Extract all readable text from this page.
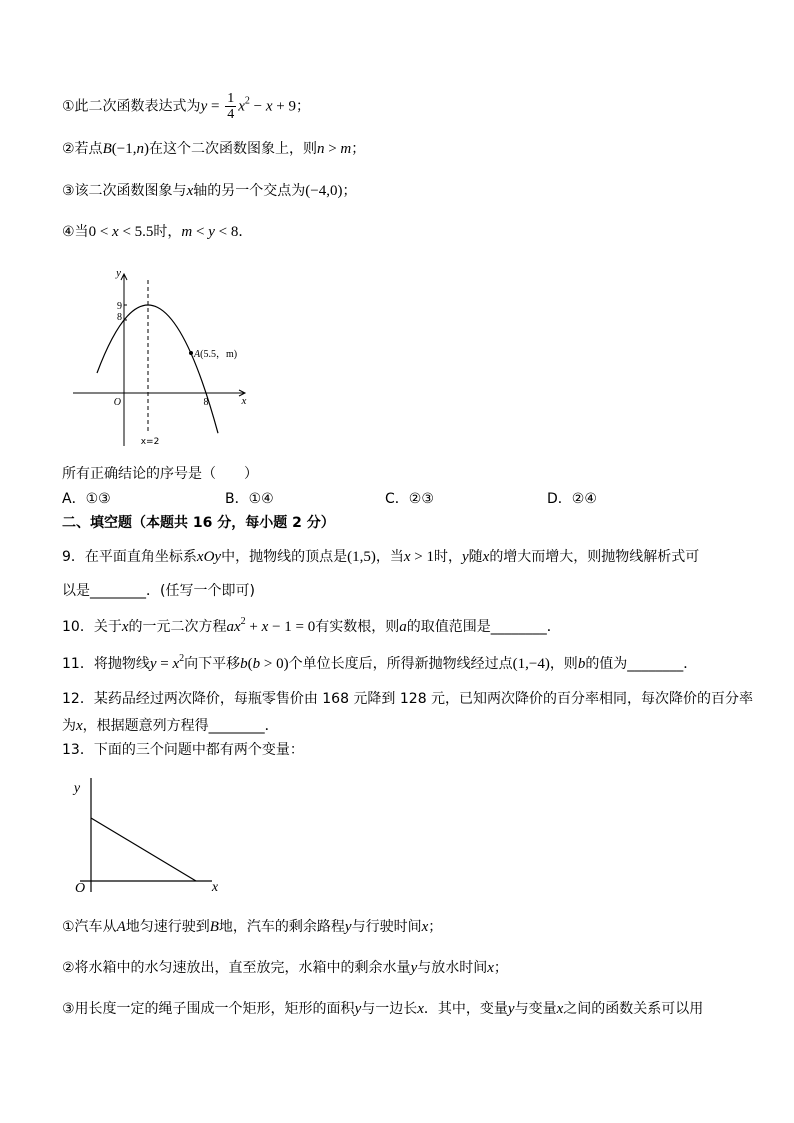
①此二次函数表达式为$y = \frac{1}{4} x^2 - x + 9$；
②若点B(−1,n)在这个二次函数图象上，则n > m；
③该二次函数图象与x轴的另一个交点为(−4,0)；
④当0 < x < 5.5时，m < y < 8．
y
9
8
O	8	x
A(5.5，m)
x=2
所有正确结论的序号是（　　）
A．①③	B．①④	C．②③	D．②④
二、填空题（本题共 16 分，每小题 2 分）
9．在平面直角坐标系xOy中，抛物线的顶点是(1,5)，当x > 1时，y随x的增大而增大，则抛物线解析式可
以是________．(任写一个即可)
10．关于x的一元二次方程$ax^2 + x - 1 = 0$有实数根，则a的取值范围是________．
11．将抛物线$y = x^2$向下平移b(b > 0)个单位长度后，所得新抛物线经过点(1,−4)，则b的值为________．
12．某药品经过两次降价，每瓶零售价由 168 元降到 128 元，已知两次降价的百分率相同，每次降价的百分率
为x，根据题意列方程得________．
13．下面的三个问题中都有两个变量：
y
O	x
①汽车从A地匀速行驶到B地，汽车的剩余路程y与行驶时间x；
②将水箱中的水匀速放出，直至放完，水箱中的剩余水量y与放水时间x；
③用长度一定的绳子围成一个矩形，矩形的面积y与一边长x．其中，变量y与变量x之间的函数关系可以用
